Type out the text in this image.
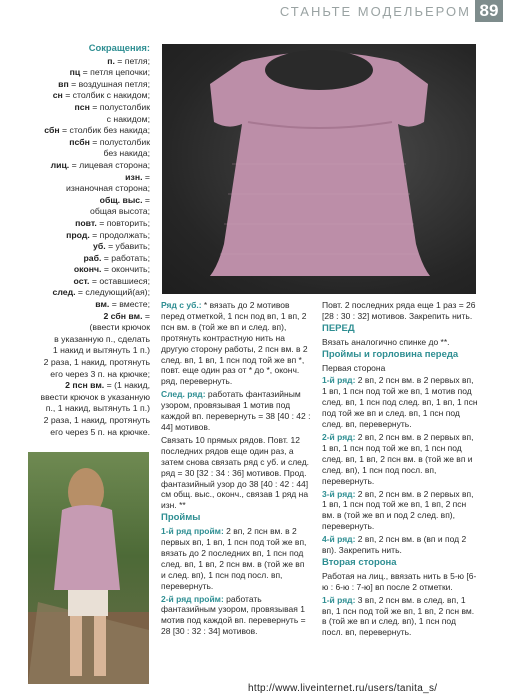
СТАНЬТЕ МОДЕЛЬЕРОМ 89
Сокращения:
п. = петля;
пц = петля цепочки;
вп = воздушная петля;
сн = столбик с накидом;
псн = полустолбик
с накидом;
сбн = столбик без накида;
псбн = полустолбик
без накида;
лиц. = лицевая сторона;
изн. =
изнаночная сторона;
общ. выс. =
общая высота;
повт. = повторить;
прод. = продолжать;
уб. = убавить;
раб. = работать;
оконч. = окончить;
ост. = оставшиеся;
след. = следующий(ая);
вм. = вместе;
2 сбн вм. =
(ввести крючок
в указанную п., сделать
1 накид и вытянуть 1 п.)
2 раза, 1 накид, протянуть
его через 3 п. на крючке;
2 псн вм. = (1 накид,
ввести крючок в указанную
п., 1 накид, вытянуть 1 п.)
2 раза, 1 накид, протянуть
его через 5 п. на крючке.

Ряд с уб.: * вязать до 2 мотивов перед отметкой, 1 псн под вп, 1 вп, 2 псн вм. в (той же вп и след. вп), протянуть контрастную нить на другую сторону работы, 2 псн вм. в 2 след. вп, 1 вп, 1 псн под той же вп *, повт. еще один раз от * до *, оконч. ряд, перевернуть.

След. ряд: работать фантазийным узором, провязывая 1 мотив под каждой вп. перевернуть = 38 [40 : 42 : 44] мотивов.

Связать 10 прямых рядов. Повт. 12 последних рядов еще один раз, а затем снова связать ряд с уб. и след. ряд = 30 [32 : 34 : 36] мотивов. Прод. фантазийный узор до 38 [40 : 42 : 44] см общ. выс., оконч., связав 1 ряд на изн. **

Проймы

1-й ряд пройм: 2 вп, 2 псн вм. в 2 первых вп, 1 вп, 1 псн под той же вп, вязать до 2 последних вп, 1 псн под след. вп, 1 вп, 2 псн вм. в (той же вп и след. вп), 1 псн под посл. вп, перевернуть.

2-й ряд пройм: работать фантазийным узором, провязывая 1 мотив под каждой вп. перевернуть = 28 [30 : 32 : 34] мотивов.

Повт. 2 последних ряда еще 1 раз = 26 [28 : 30 : 32] мотивов. Закрепить нить.

ПЕРЕД

Вязать аналогично спинке до **.

Проймы и горловина переда

Первая сторона

1-й ряд: 2 вп, 2 псн вм. в 2 первых вп, 1 вп, 1 псн под той же вп, 1 мотив под след. вп, 1 псн под след. вп, 1 вп, 1 псн под той же вп и след. вп, 1 псн под след. вп, перевернуть.

2-й ряд: 2 вп, 2 псн вм. в 2 первых вп, 1 вп, 1 псн под той же вп, 1 псн под след. вп, 1 вп, 2 псн вм. в (той же вп и след. вп), 1 псн под посл. вп, перевернуть.

3-й ряд: 2 вп, 2 псн вм. в 2 первых вп, 1 вп, 1 псн под той же вп, 1 вп, 2 псн вм. в (той же вп и под 2 след. вп), перевернуть.

4-й ряд: 2 вп, 2 псн вм. в (вп и под 2 вп). Закрепить нить.

Вторая сторона

Работая на лиц., ввязать нить в 5-ю [6-ю : 6-ю : 7-ю] вп после 2 отметки.

1-й ряд: 3 вп, 2 псн вм. в след. вп, 1 вп, 1 псн под той же вп, 1 вп, 2 псн вм. в (той же вп и след. вп), 1 псн под посл. вп, перевернуть.

http://www.liveinternet.ru/users/tanita_s/
